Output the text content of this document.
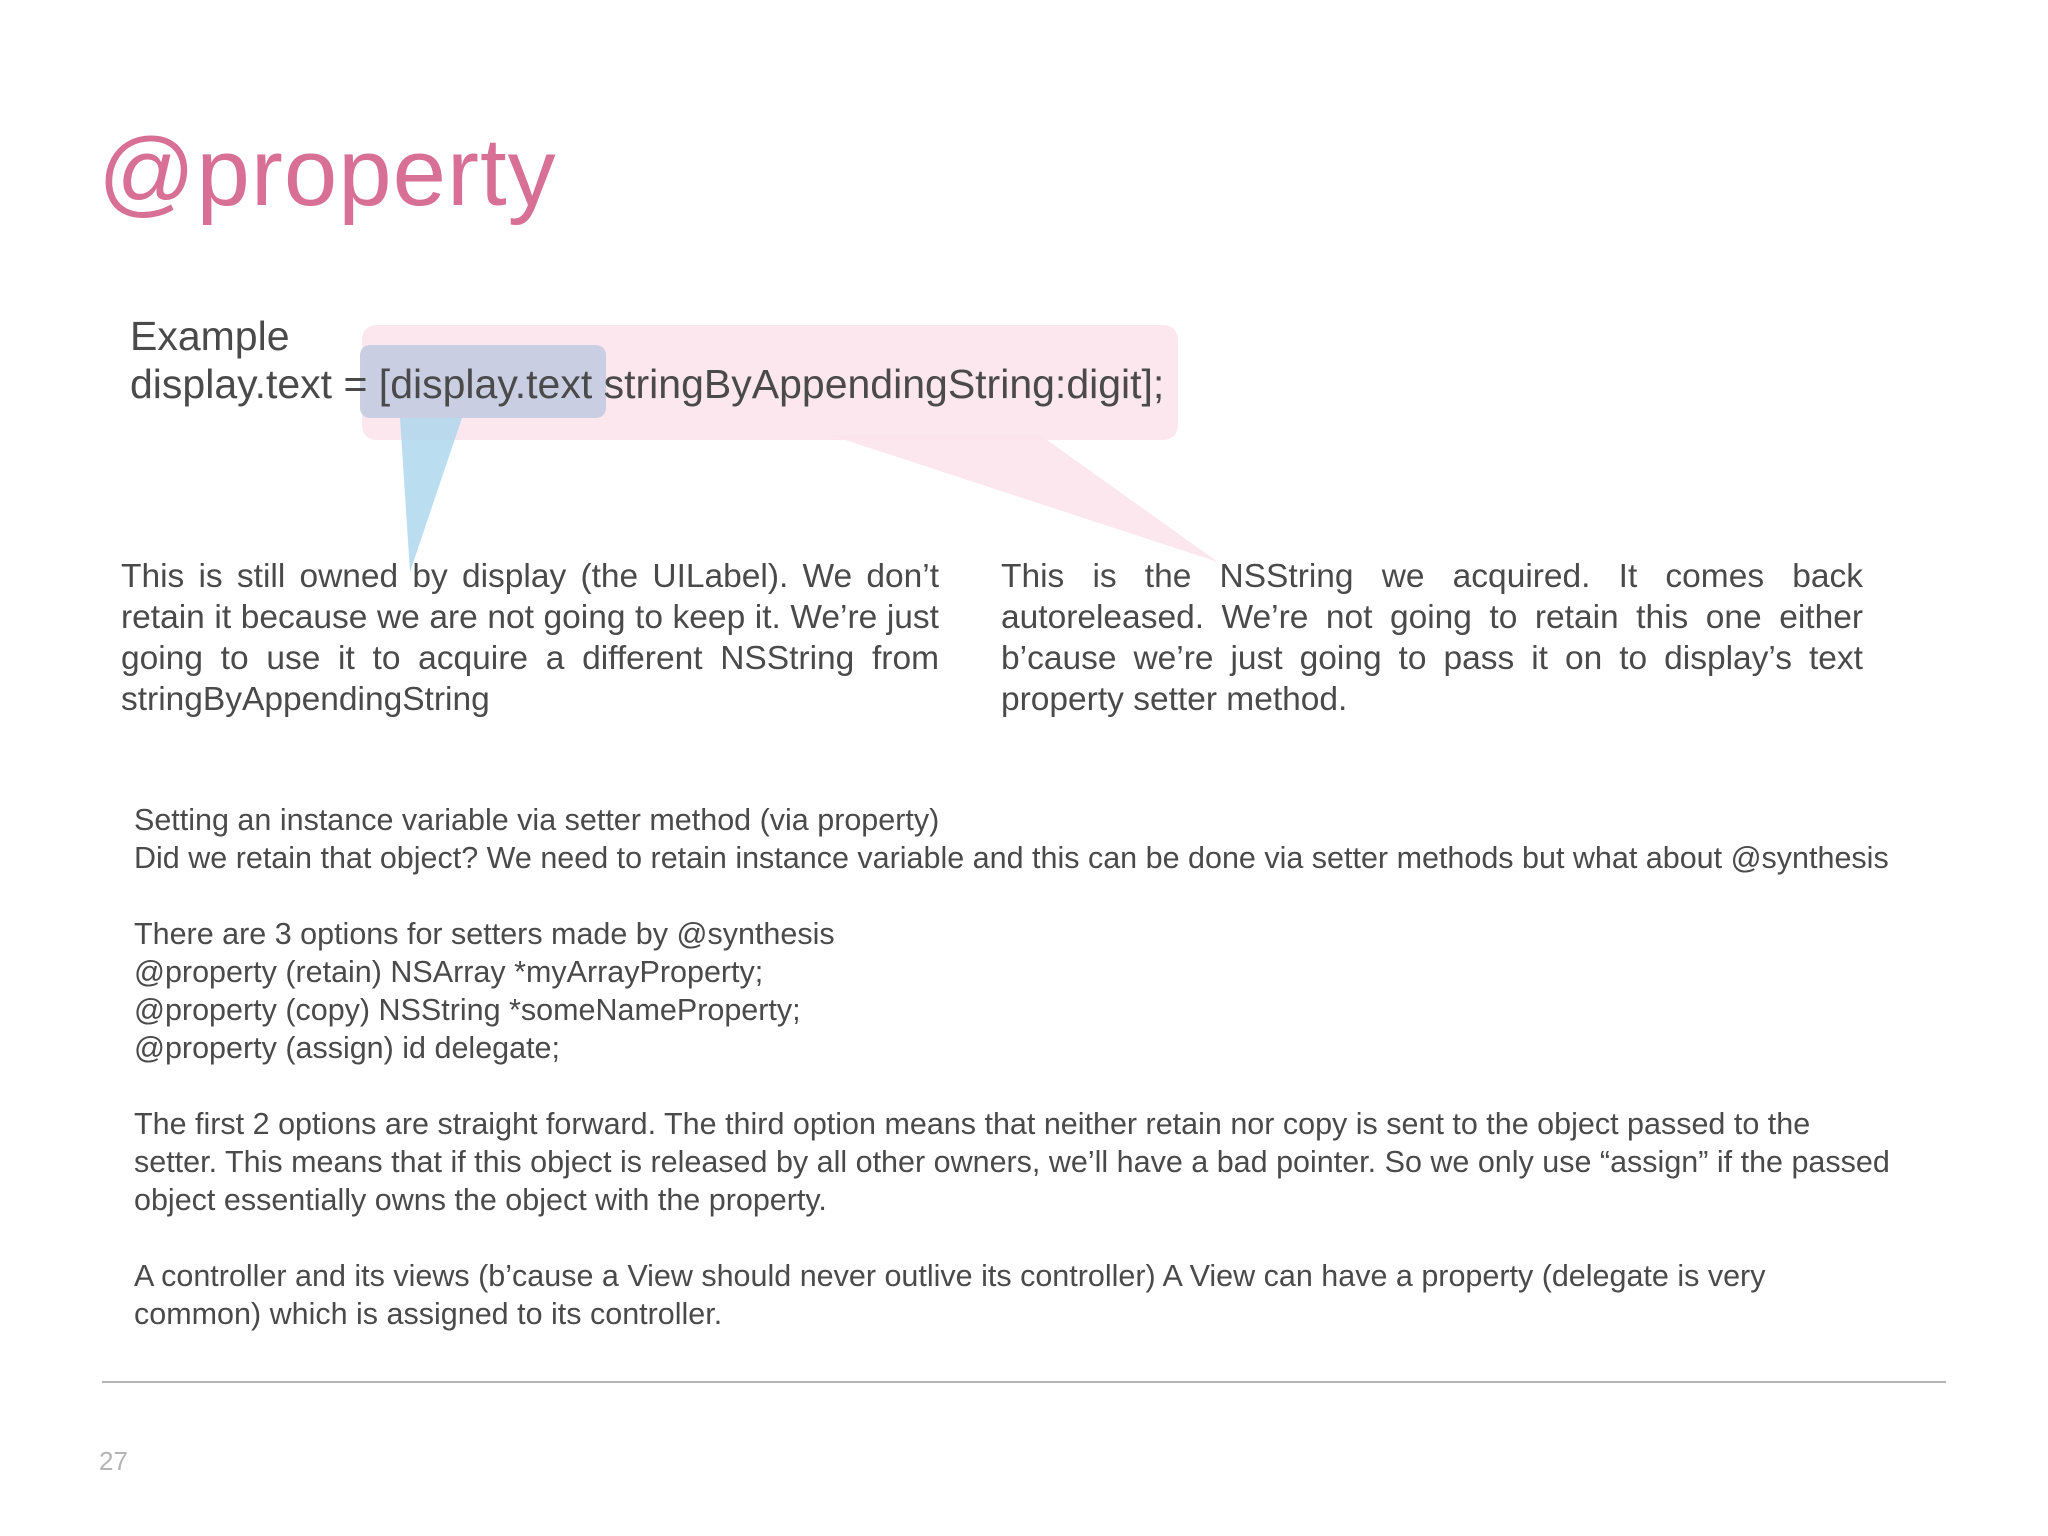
@property
Example
display.text = [display.text stringByAppendingString:digit];
This is still owned by display (the UILabel). We don’t retain it because we are not going to keep it. We’re just going to use it to acquire a different NSString from stringByAppendingString
This is the NSString we acquired. It comes back autoreleased. We’re not going to retain this one either b’cause we’re just going to pass it on to display’s text property setter method.

Setting an instance variable via setter method (via property)

Did we retain that object? We need to retain instance variable and this can be done via setter methods but what about @synthesis

There are 3 options for setters made by @synthesis

@property (retain) NSArray *myArrayProperty;

@property (copy) NSString *someNameProperty;

@property (assign) id delegate;

The first 2 options are straight forward. The third option means that neither retain nor copy is sent to the object passed to the setter. This means that if this object is released by all other owners, we’ll have a bad pointer. So we only use “assign” if the passed object essentially owns the object with the property.

A controller and its views (b’cause a View should never outlive its controller) A View can have a property (delegate is very common) which is assigned to its controller.

27
